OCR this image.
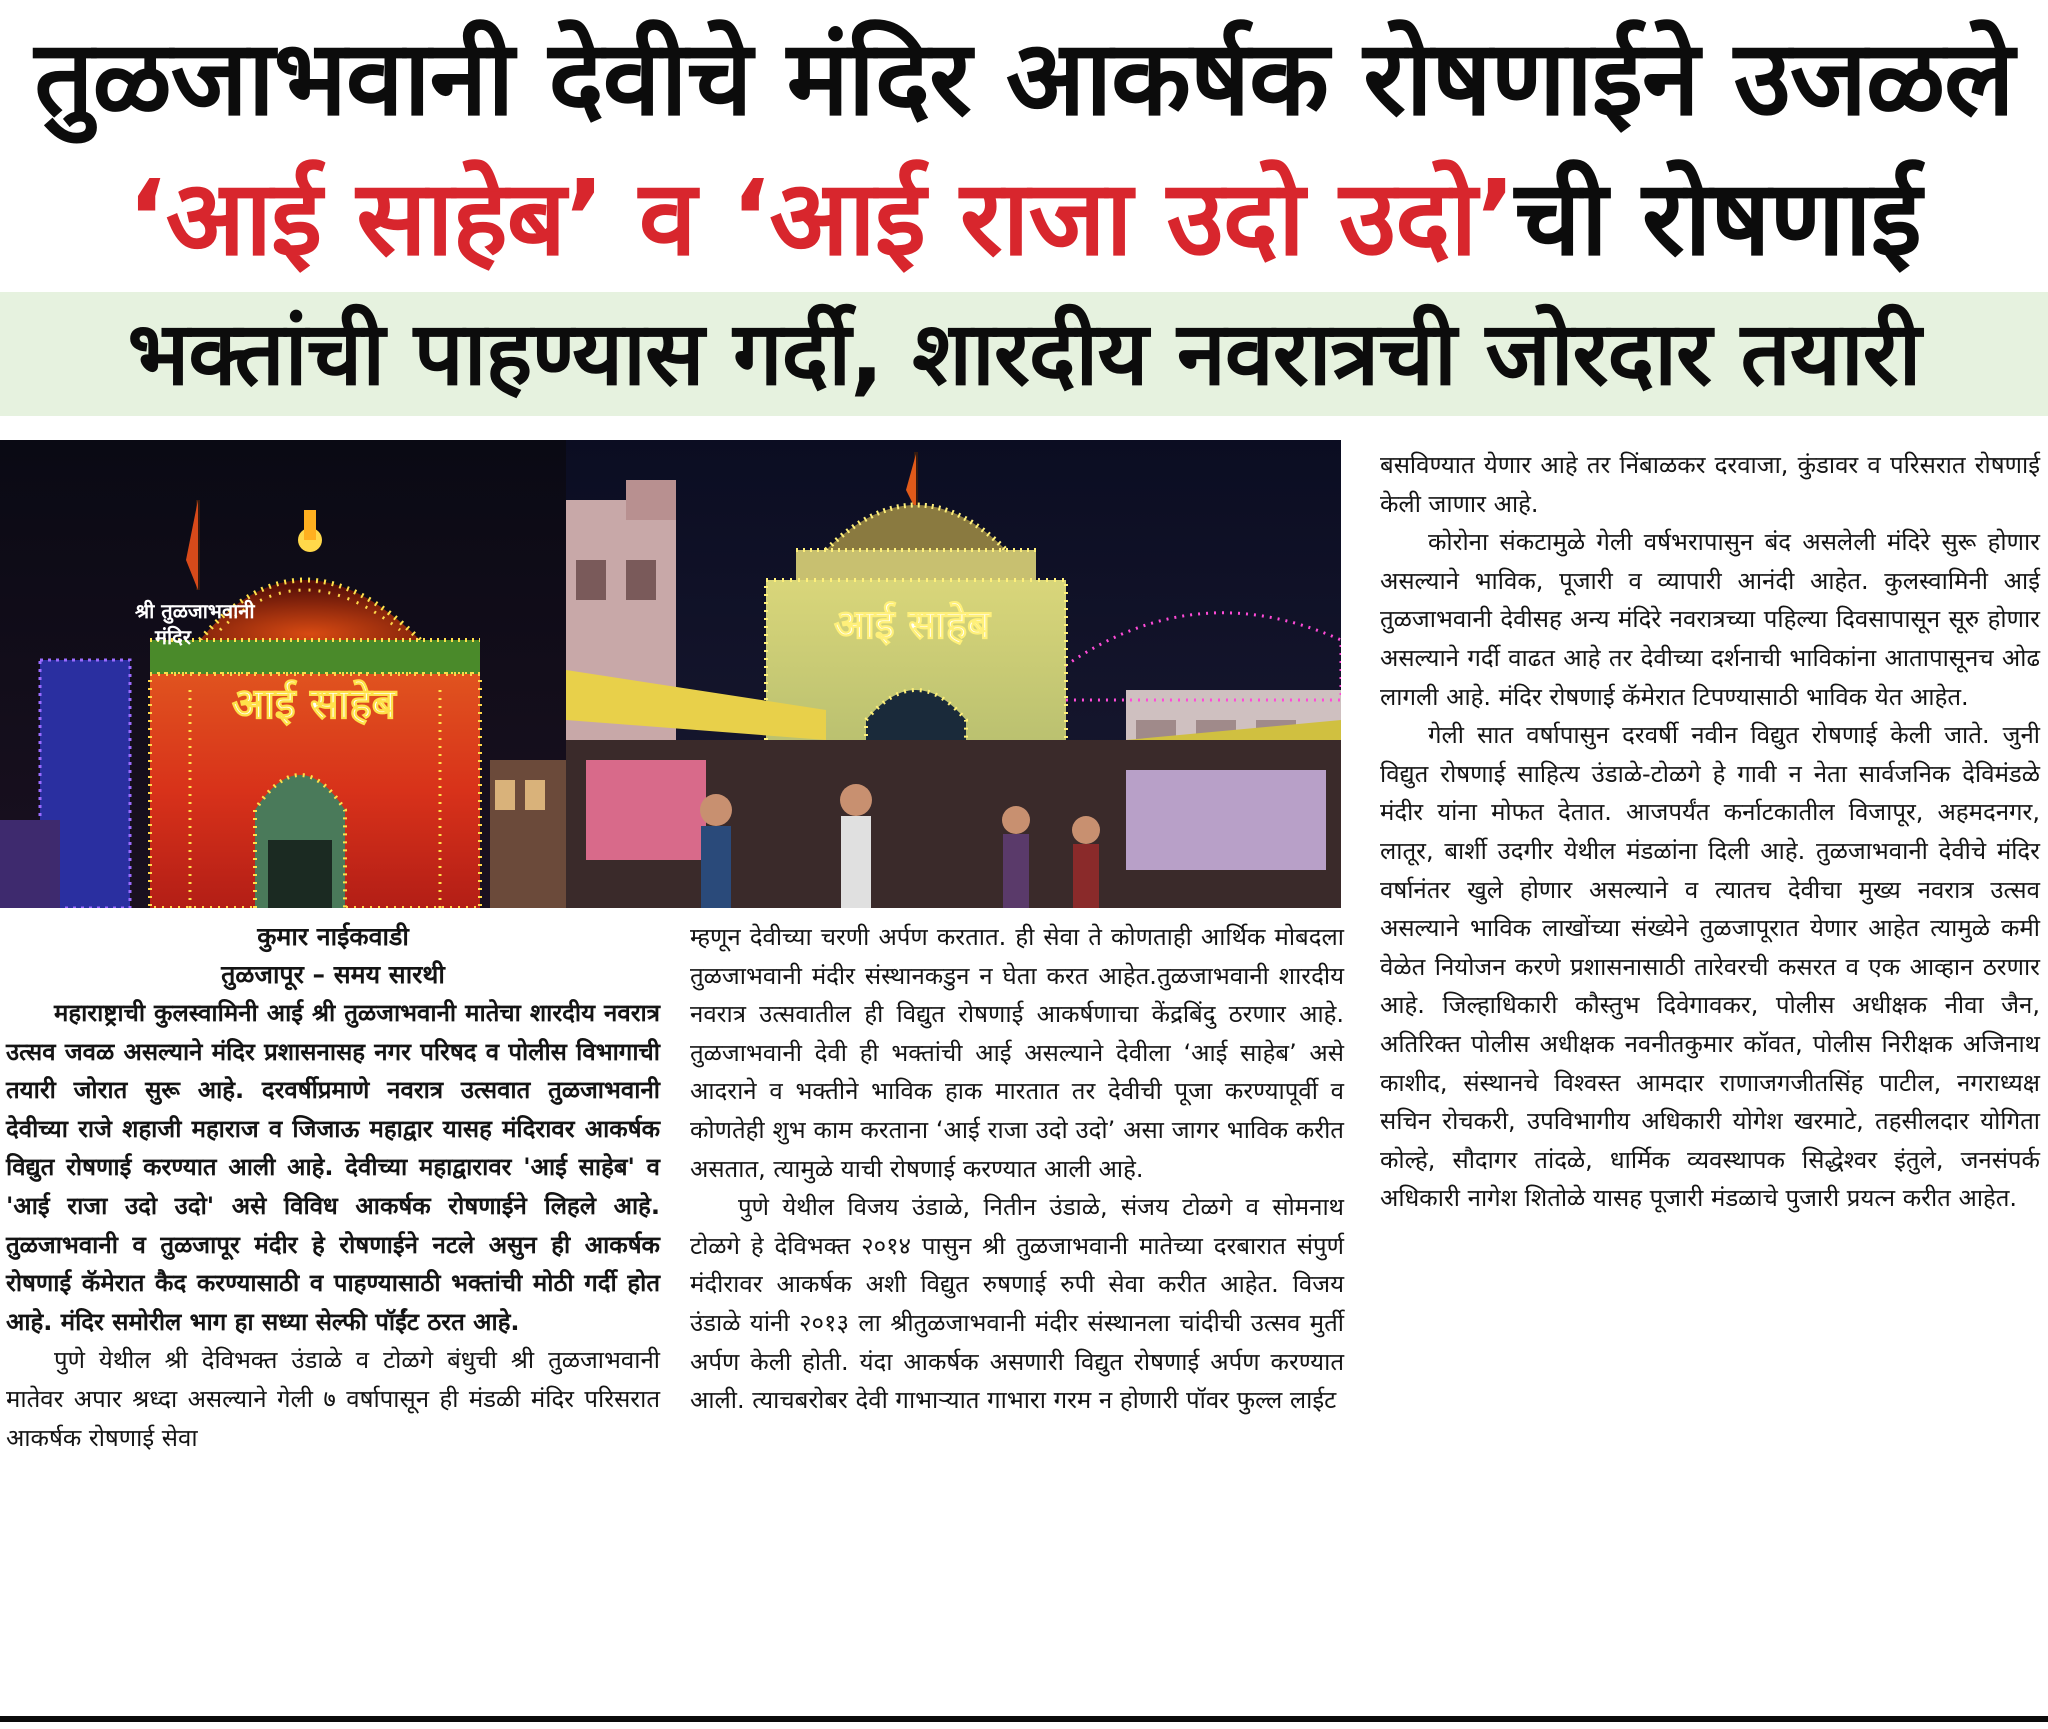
तुळजाभवानी देवीचे मंदिर आकर्षक रोषणाईने उजळले
‘आई साहेब’ व ‘आई राजा उदो उदो’ची रोषणाई
भक्तांची पाहण्यास गर्दी, शारदीय नवरात्रची जोरदार तयारी
श्री तुळजाभवानी
मंदिर
आई साहेब
आई साहेब

कुमार नाईकवाडी

तुळजापूर – समय सारथी

महाराष्ट्राची कुलस्वामिनी आई श्री तुळजाभवानी मातेचा शारदीय नवरात्र उत्सव जवळ असल्याने मंदिर प्रशासनासह नगर परिषद व पोलीस विभागाची तयारी जोरात सुरू आहे. दरवर्षीप्रमाणे नवरात्र उत्सवात तुळजाभवानी देवीच्या राजे शहाजी महाराज व जिजाऊ महाद्वार यासह मंदिरावर आकर्षक विद्युत रोषणाई करण्यात आली आहे. देवीच्या महाद्वारावर 'आई साहेब' व 'आई राजा उदो उदो' असे विविध आकर्षक रोषणाईने लिहले आहे. तुळजाभवानी व तुळजापूर मंदीर हे रोषणाईने नटले असुन ही आकर्षक रोषणाई कॅमेरात कैद करण्यासाठी व पाहण्यासाठी भक्तांची मोठी गर्दी होत आहे. मंदिर समोरील भाग हा सध्या सेल्फी पॉईंट ठरत आहे.

पुणे येथील श्री देविभक्त उंडाळे व टोळगे बंधुची श्री तुळजाभवानी मातेवर अपार श्रध्दा असल्याने गेली ७ वर्षापासून ही मंडळी मंदिर परिसरात आकर्षक रोषणाई सेवा

म्हणून देवीच्या चरणी अर्पण करतात. ही सेवा ते कोणताही आर्थिक मोबदला तुळजाभवानी मंदीर संस्थानकडुन न घेता करत आहेत.तुळजाभवानी शारदीय नवरात्र उत्सवातील ही विद्युत रोषणाई आकर्षणाचा केंद्रबिंदु ठरणार आहे. तुळजाभवानी देवी ही भक्तांची आई असल्याने देवीला ‘आई साहेब’ असे आदराने व भक्तीने भाविक हाक मारतात तर देवीची पूजा करण्यापूर्वी व कोणतेही शुभ काम करताना ‘आई राजा उदो उदो’ असा जागर भाविक करीत असतात, त्यामुळे याची रोषणाई करण्यात आली आहे.

पुणे येथील विजय उंडाळे, नितीन उंडाळे, संजय टोळगे व सोमनाथ टोळगे हे देविभक्त २०१४ पासुन श्री तुळजाभवानी मातेच्या दरबारात संपुर्ण मंदीरावर आकर्षक अशी विद्युत रुषणाई रुपी सेवा करीत आहेत. विजय उंडाळे यांनी २०१३ ला श्रीतुळजाभवानी मंदीर संस्थानला चांदीची उत्सव मुर्ती अर्पण केली होती. यंदा आकर्षक असणारी विद्युत रोषणाई अर्पण करण्यात आली. त्याचबरोबर देवी गाभाऱ्यात गाभारा गरम न होणारी पॉवर फुल्ल लाईट

बसविण्यात येणार आहे तर निंबाळकर दरवाजा, कुंडावर व परिसरात रोषणाई केली जाणार आहे.

कोरोना संकटामुळे गेली वर्षभरापासुन बंद असलेली मंदिरे सुरू होणार असल्याने भाविक, पूजारी व व्यापारी आनंदी आहेत. कुलस्वामिनी आई तुळजाभवानी देवीसह अन्य मंदिरे नवरात्रच्या पहिल्या दिवसापासून सूरु होणार असल्याने गर्दी वाढत आहे तर देवीच्या दर्शनाची भाविकांना आतापासूनच ओढ लागली आहे. मंदिर रोषणाई कॅमेरात टिपण्यासाठी भाविक येत आहेत.

गेली सात वर्षापासुन दरवर्षी नवीन विद्युत रोषणाई केली जाते. जुनी विद्युत रोषणाई साहित्य उंडाळे-टोळगे हे गावी न नेता सार्वजनिक देविमंडळे मंदीर यांना मोफत देतात. आजपर्यंत कर्नाटकातील विजापूर, अहमदनगर, लातूर, बार्शी उदगीर येथील मंडळांना दिली आहे. तुळजाभवानी देवीचे मंदिर वर्षानंतर खुले होणार असल्याने व त्यातच देवीचा मुख्य नवरात्र उत्सव असल्याने भाविक लाखोंच्या संख्येने तुळजापूरात येणार आहेत त्यामुळे कमी वेळेत नियोजन करणे प्रशासनासाठी तारेवरची कसरत व एक आव्हान ठरणार आहे. जिल्हाधिकारी कौस्तुभ दिवेगावकर, पोलीस अधीक्षक नीवा जैन, अतिरिक्त पोलीस अधीक्षक नवनीतकुमार कॉवत, पोलीस निरीक्षक अजिनाथ काशीद, संस्थानचे विश्वस्त आमदार राणाजगजीतसिंह पाटील, नगराध्यक्ष सचिन रोचकरी, उपविभागीय अधिकारी योगेश खरमाटे, तहसीलदार योगिता कोल्हे, सौदागर तांदळे, धार्मिक व्यवस्थापक सिद्धेश्वर इंतुले, जनसंपर्क अधिकारी नागेश शितोळे यासह पूजारी मंडळाचे पुजारी प्रयत्न करीत आहेत.
